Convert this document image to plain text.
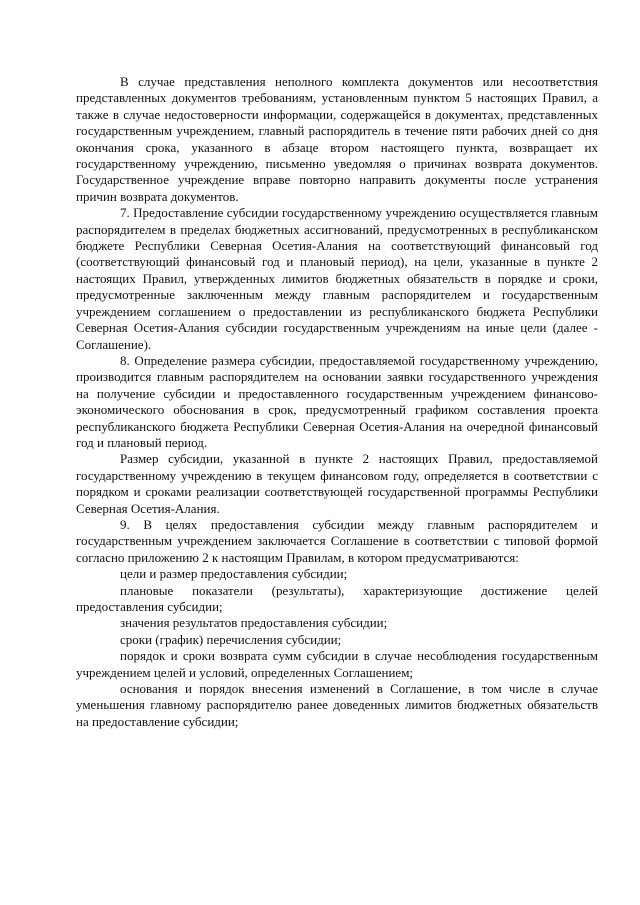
В случае представления неполного комплекта документов или несоответствия представленных документов требованиям, установленным пунктом 5 настоящих Правил, а также в случае недостоверности информации, содержащейся в документах, представленных государственным учреждением, главный распорядитель в течение пяти рабочих дней со дня окончания срока, указанного в абзаце втором настоящего пункта, возвращает их государственному учреждению, письменно уведомляя о причинах возврата документов. Государственное учреждение вправе повторно направить документы после устранения причин возврата документов.

7. Предоставление субсидии государственному учреждению осуществляется главным распорядителем в пределах бюджетных ассигнований, предусмотренных в республиканском бюджете Республики Северная Осетия-Алания на соответствующий финансовый год (соответствующий финансовый год и плановый период), на цели, указанные в пункте 2 настоящих Правил, утвержденных лимитов бюджетных обязательств в порядке и сроки, предусмотренные заключенным между главным распорядителем и государственным учреждением соглашением о предоставлении из республиканского бюджета Республики Северная Осетия-Алания субсидии государственным учреждениям на иные цели (далее - Соглашение).

8. Определение размера субсидии, предоставляемой государственному учреждению, производится главным распорядителем на основании заявки государственного учреждения на получение субсидии и предоставленного государственным учреждением финансово-экономического обоснования в срок, предусмотренный графиком составления проекта республиканского бюджета Республики Северная Осетия-Алания на очередной финансовый год и плановый период.

Размер субсидии, указанной в пункте 2 настоящих Правил, предоставляемой государственному учреждению в текущем финансовом году, определяется в соответствии с порядком и сроками реализации соответствующей государственной программы Республики Северная Осетия-Алания.

9. В целях предоставления субсидии между главным распорядителем и государственным учреждением заключается Соглашение в соответствии с типовой формой согласно приложению 2 к настоящим Правилам, в котором предусматриваются:

цели и размер предоставления субсидии;

плановые показатели (результаты), характеризующие достижение целей предоставления субсидии;

значения результатов предоставления субсидии;

сроки (график) перечисления субсидии;

порядок и сроки возврата сумм субсидии в случае несоблюдения государственным учреждением целей и условий, определенных Соглашением;

основания и порядок внесения изменений в Соглашение, в том числе в случае уменьшения главному распорядителю ранее доведенных лимитов бюджетных обязательств на предоставление субсидии;
